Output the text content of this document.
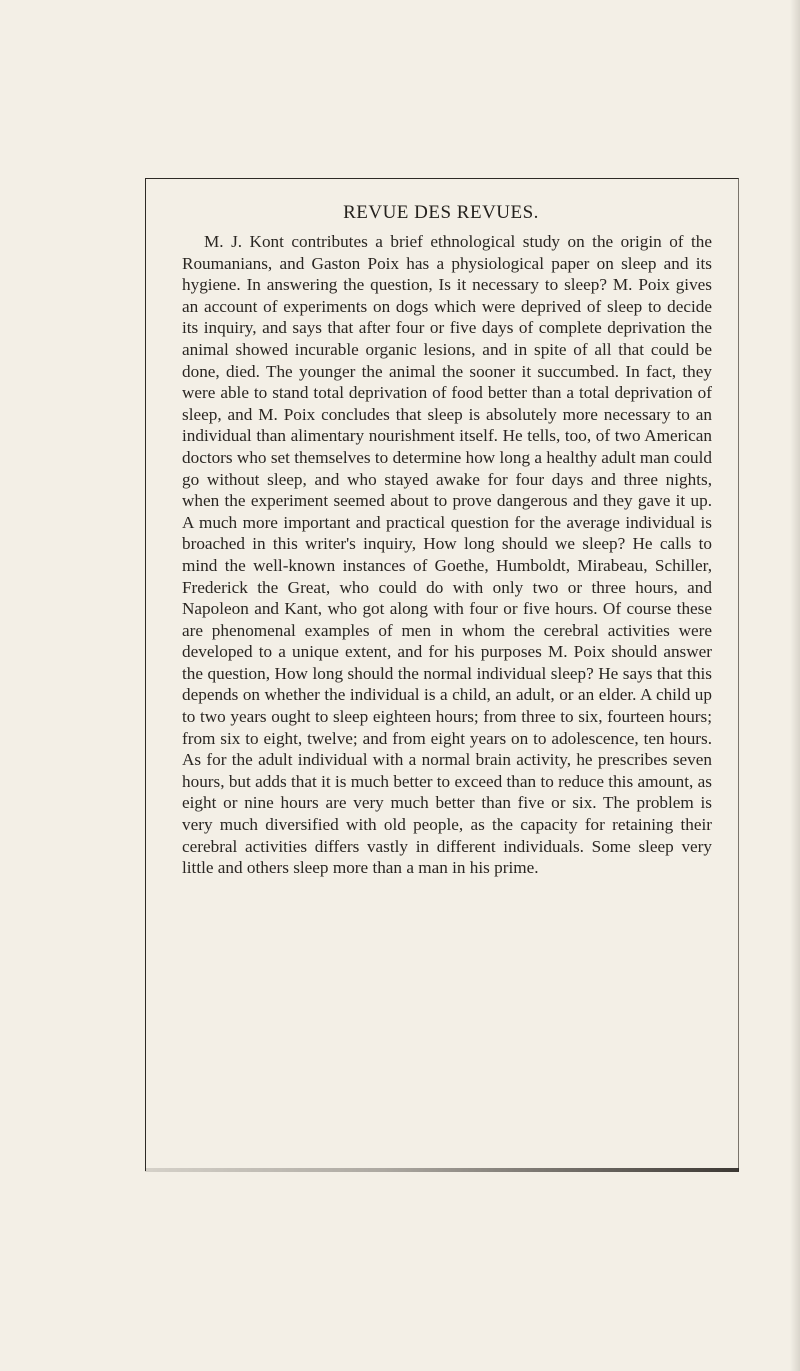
REVUE DES REVUES.

M. J. Kont contributes a brief ethnological study on the origin of the Roumanians, and Gaston Poix has a physiological paper on sleep and its hygiene. In answering the question, Is it necessary to sleep? M. Poix gives an account of experiments on dogs which were deprived of sleep to decide its inquiry, and says that after four or five days of complete deprivation the animal showed incurable organic lesions, and in spite of all that could be done, died. The younger the animal the sooner it succumbed. In fact, they were able to stand total deprivation of food better than a total deprivation of sleep, and M. Poix concludes that sleep is absolutely more necessary to an individual than alimentary nourishment itself. He tells, too, of two American doctors who set themselves to determine how long a healthy adult man could go without sleep, and who stayed awake for four days and three nights, when the experiment seemed about to prove dangerous and they gave it up. A much more important and practical question for the average individual is broached in this writer's inquiry, How long should we sleep? He calls to mind the well-known instances of Goethe, Humboldt, Mirabeau, Schiller, Frederick the Great, who could do with only two or three hours, and Napoleon and Kant, who got along with four or five hours. Of course these are phenomenal examples of men in whom the cerebral activities were developed to a unique extent, and for his purposes M. Poix should answer the question, How long should the normal individual sleep? He says that this depends on whether the individual is a child, an adult, or an elder. A child up to two years ought to sleep eighteen hours; from three to six, fourteen hours; from six to eight, twelve; and from eight years on to adolescence, ten hours. As for the adult individual with a normal brain activity, he prescribes seven hours, but adds that it is much better to exceed than to reduce this amount, as eight or nine hours are very much better than five or six. The problem is very much diversified with old people, as the capacity for retaining their cerebral activities differs vastly in different individuals. Some sleep very little and others sleep more than a man in his prime.
